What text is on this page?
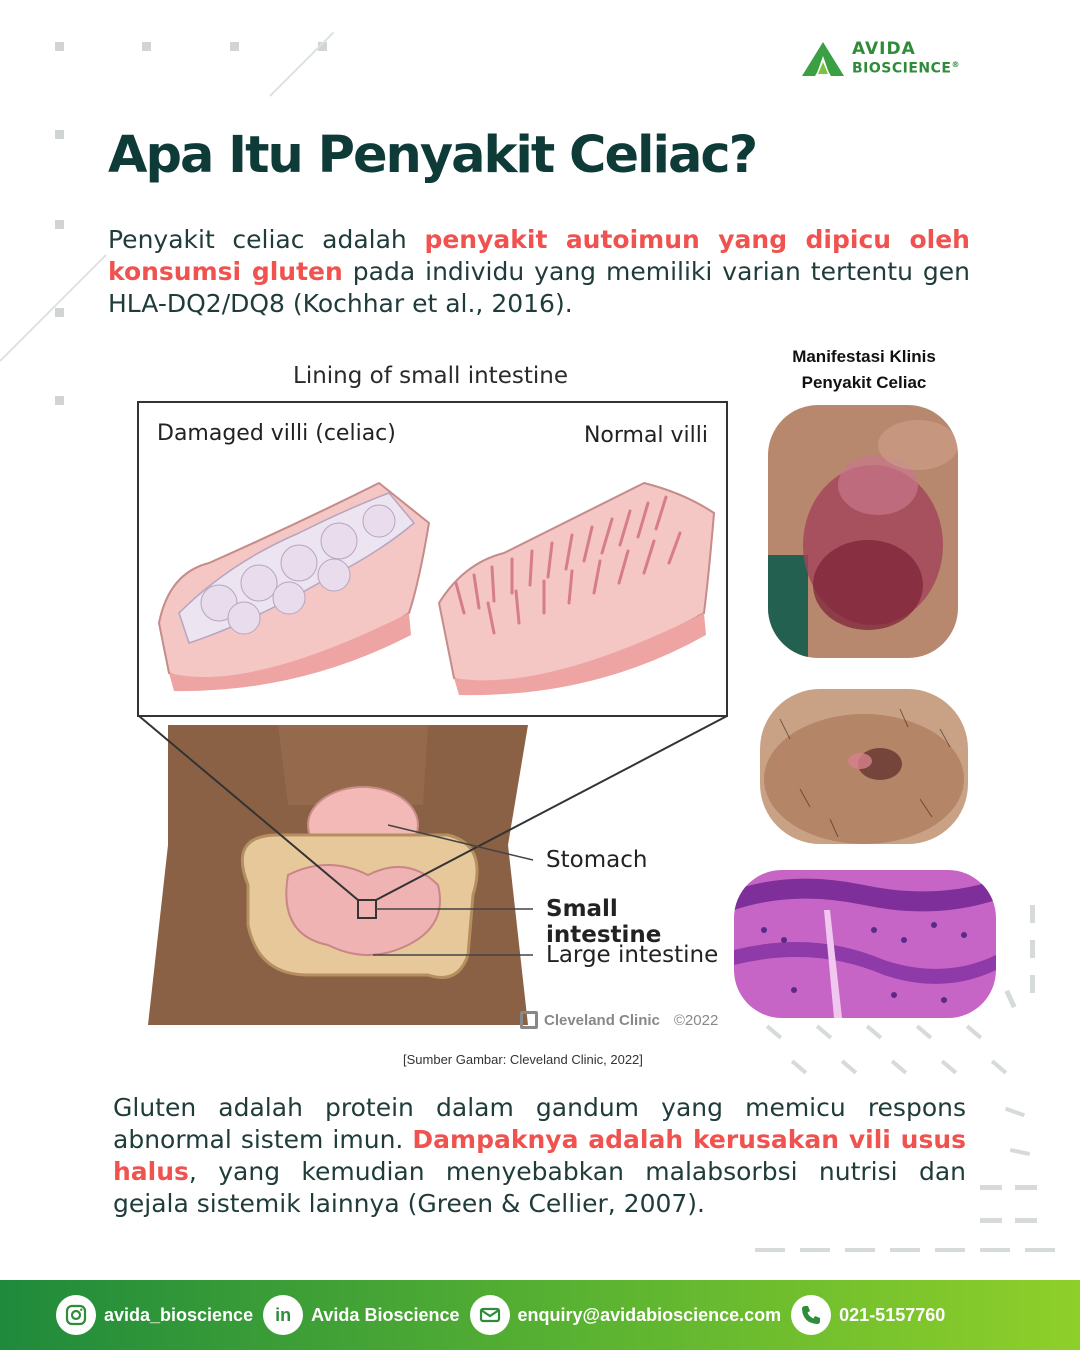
AVIDA
BIOSCIENCE®
Apa Itu Penyakit Celiac?

Penyakit celiac adalah penyakit autoimun yang dipicu oleh konsumsi gluten pada individu yang memiliki varian tertentu gen HLA-DQ2/DQ8 (Kochhar et al., 2016).

Lining of small intestine
Damaged villi (celiac)	Normal villi
Stomach
Small intestine
Large intestine
Cleveland Clinic ©2022
[Sumber Gambar: Cleveland Clinic, 2022]
Manifestasi Klinis
Penyakit Celiac

Gluten adalah protein dalam gandum yang memicu respons abnormal sistem imun. Dampaknya adalah kerusakan vili usus halus, yang kemudian menyebabkan malabsorbsi nutrisi dan gejala sistemik lainnya (Green & Cellier, 2007).

avida_bioscience	in	Avida Bioscience	enquiry@avidabioscience.com	021-5157760
